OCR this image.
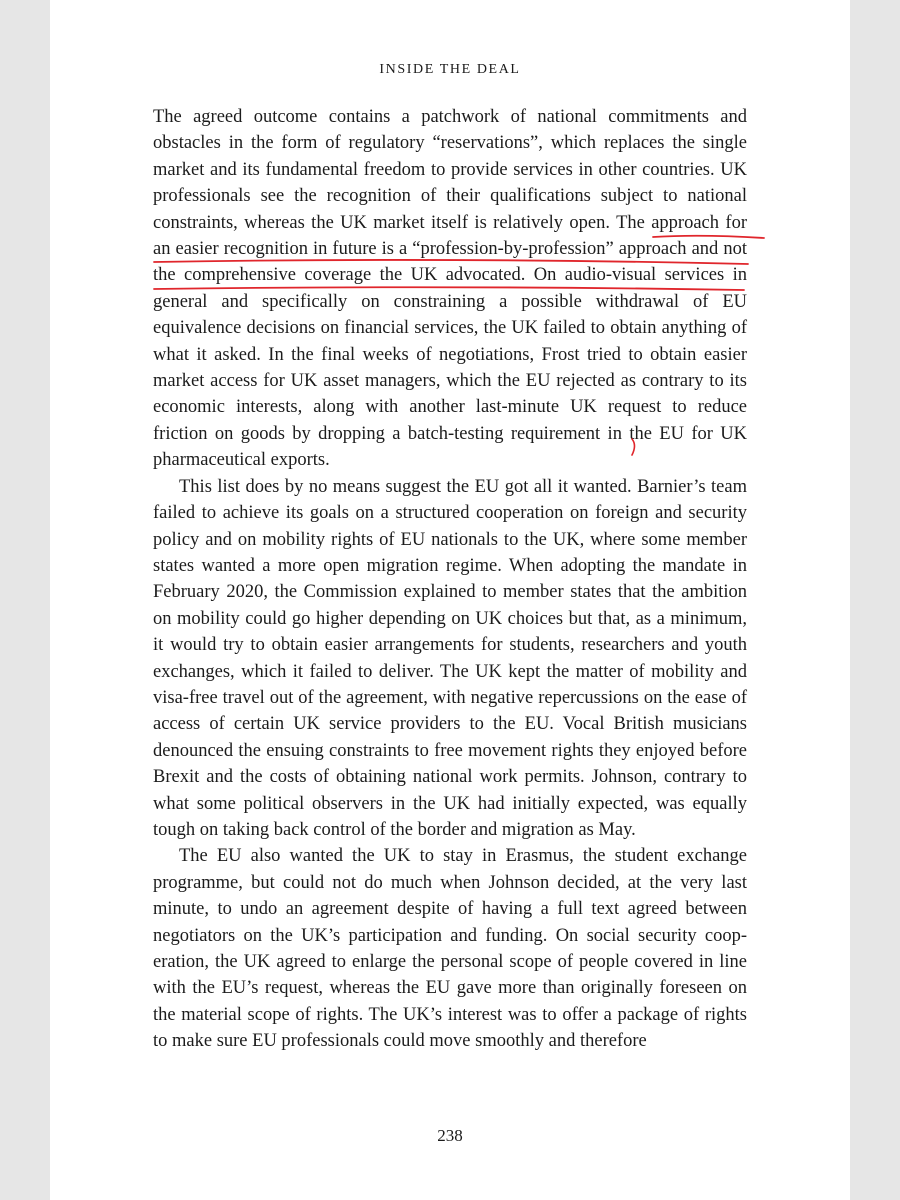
INSIDE THE DEAL

The agreed outcome contains a patchwork of national commitments and obstacles in the form of regulatory “reservations”, which replaces the single market and its fundamental freedom to provide services in other countries. UK professionals see the recognition of their qualifications subject to national constraints, whereas the UK market itself is relatively open. The approach for an easier recognition in future is a “profession-by-profession” approach and not the comprehensive coverage the UK advocated. On audio-visual services in general and specifically on constraining a possible withdrawal of EU equivalence decisions on financial services, the UK failed to obtain anything of what it asked. In the final weeks of negotiations, Frost tried to obtain easier market access for UK asset managers, which the EU rejected as contrary to its economic interests, along with another last-minute UK request to reduce friction on goods by dropping a batch-testing requirement in the EU for UK pharmaceutical exports.

This list does by no means suggest the EU got all it wanted. Barnier’s team failed to achieve its goals on a structured cooperation on foreign and security policy and on mobility rights of EU nationals to the UK, where some member states wanted a more open migration regime. When adopting the mandate in February 2020, the Commission explained to member states that the ambition on mobility could go higher depending on UK choices but that, as a minimum, it would try to obtain easier arrangements for students, researchers and youth exchanges, which it failed to deliver. The UK kept the matter of mobility and visa-free travel out of the agreement, with negative repercussions on the ease of access of certain UK service providers to the EU. Vocal British musicians denounced the ensuing constraints to free movement rights they enjoyed before Brexit and the costs of obtaining national work permits. Johnson, contrary to what some political observers in the UK had initially expected, was equally tough on taking back control of the border and migration as May.

The EU also wanted the UK to stay in Erasmus, the student exchange programme, but could not do much when Johnson decided, at the very last minute, to undo an agreement despite of having a full text agreed between negotiators on the UK’s participation and funding. On social security cooperation, the UK agreed to enlarge the personal scope of people covered in line with the EU’s request, whereas the EU gave more than originally foreseen on the material scope of rights. The UK’s interest was to offer a package of rights to make sure EU professionals could move smoothly and therefore

238
